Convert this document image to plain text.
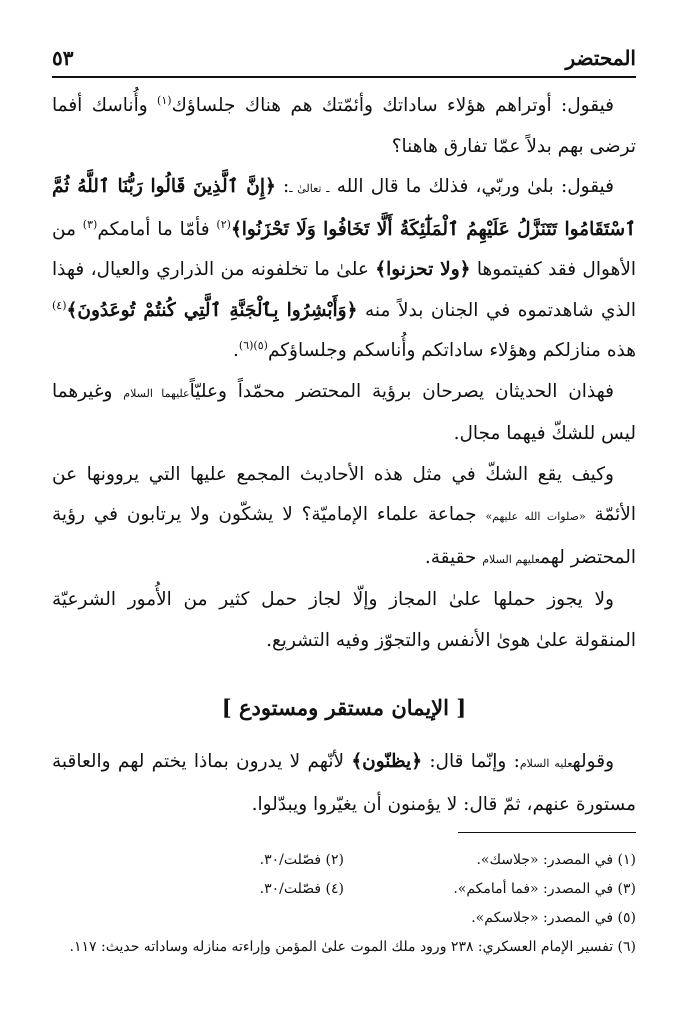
المحتضر
٥٣

فيقول: أوتراهم هؤلاء ساداتك وأئمّتك هم هناك جلساؤك$^{(١)}$ وأُناسك أفما ترضى بهم بدلاً عمّا تفارق هاهنا؟

فيقول: بلىٰ وربّي، فذلك ما قال الله ـ تعالىٰ ـ: ﴿إِنَّ ٱلَّذِينَ قَالُوا رَبُّنَا ٱللَّهُ ثُمَّ ٱسْتَقَامُوا تَتَنَزَّلُ عَلَيْهِمُ ٱلْمَلَٰٓئِكَةُ أَلَّا تَخَافُوا وَلَا تَحْزَنُوا﴾$^{(٢)}$ فأمّا ما أمامكم$^{(٣)}$ من الأهوال فقد كفيتموها ﴿ولا تحزنوا﴾ علىٰ ما تخلفونه من الذراري والعيال، فهذا الذي شاهدتموه في الجنان بدلاً منه ﴿وَأَبْشِرُوا بِٱلْجَنَّةِ ٱلَّتِي كُنتُمْ تُوعَدُونَ﴾$^{(٤)}$ هذه منازلكم وهؤلاء ساداتكم وأُناسكم وجلساؤكم$^{(٥)(٦)}$.

فهذان الحديثان يصرحان برؤية المحتضر محمّداً وعليّاًعليهما السلام وغيرهما ليس للشكّ فيهما مجال.

وكيف يقع الشكّ في مثل هذه الأحاديث المجمع عليها التي يروونها عن الأئمّة «صلوات الله عليهم» جماعة علماء الإماميّة؟ لا يشكّون ولا يرتابون في رؤية المحتضر لهمعليهم السلام حقيقة.

ولا يجوز حملها علىٰ المجاز وإلّا لجاز حمل كثير من الأُمور الشرعيّة المنقولة علىٰ هوىٰ الأنفس والتجوّز وفيه التشريع.

[ الإيمان مستقر ومستودع ]

وقولهعليه السلام: وإنّما قال: ﴿يظنّون﴾ لأنّهم لا يدرون بماذا يختم لهم والعاقبة مستورة عنهم، ثمّ قال: لا يؤمنون أن يغيّروا ويبدّلوا.

(١) في المصدر: «جلاسك».
(٢) فصّلت/٣٠.
(٣) في المصدر: «فما أمامكم».
(٤) فصّلت/٣٠.
(٥) في المصدر: «جلاسكم».
(٦) تفسير الإمام العسكري: ٢٣٨ ورود ملك الموت علىٰ المؤمن وإراءته منازله وساداته حديث: ١١٧.
